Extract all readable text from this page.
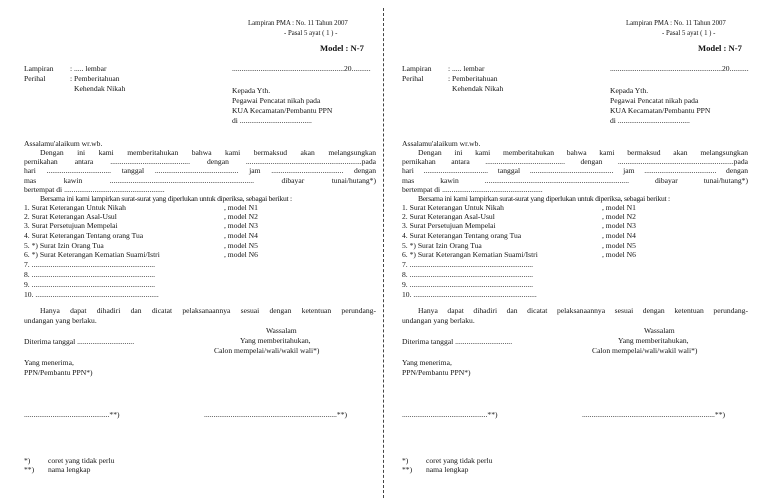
Lampiran PMA : No. 11 Tahun 2007
- Pasal 5 ayat ( 1 ) -
Model : N-7
Lampiran : ..... lembar	...........................................................20..........
Perihal	: Pemberitahuan
Kehendak Nikah	Kepada Yth.
Pegawai Pencatat nikah pada
KUA Kecamatan/Pembantu PPN
di ......................................
Assalamu'alaikum wr.wb.
Dengan ini kami memberitahukan bahwa kami bermaksud akan melangsungkan
pernikahan antara .......................................... dengan .............................................................pada
hari .................................. tanggal ............................................ jam ...................................... dengan
mas kawin ............................................................................ dibayar tunai/hutang*)
bertempat di .....................................................
Bersama ini kami lampirkan surat-surat yang diperlukan untuk diperiksa, sebagai berikut :
1. Surat Keterangan Untuk Nikah	, model N1
2. Surat Keterangan Asal-Usul	, model N2
3. Surat Persetujuan Mempelai	, model N3
4. Surat Keterangan Tentang orang Tua	, model N4
5. *) Surat Izin Orang Tua	, model N5
6. *) Surat Keterangan Kematian Suami/Istri	, model N6
7. .................................................................
8. .................................................................
9. .................................................................
10. .................................................................
Hanya dapat dihadiri dan dicatat pelaksanaannya sesuai dengan ketentuan perundang-
undangan yang berlaku.
Wassalam
Diterima tanggal ..............................	Yang memberitahukan,
Calon mempelai/wali/wakil wali*)
Yang menerima,
PPN/Pembantu PPN*)
.............................................**)	......................................................................**)
*) coret yang tidak perlu
**) nama lengkap
Lampiran PMA : No. 11 Tahun 2007
- Pasal 5 ayat ( 1 ) -
Model : N-7
Lampiran : ..... lembar	...........................................................20..........
Perihal	: Pemberitahuan
Kehendak Nikah	Kepada Yth.
Pegawai Pencatat nikah pada
KUA Kecamatan/Pembantu PPN
di ......................................
Assalamu'alaikum wr.wb.
Dengan ini kami memberitahukan bahwa kami bermaksud akan melangsungkan
pernikahan antara .......................................... dengan .............................................................pada
hari .................................. tanggal ............................................ jam ...................................... dengan
mas kawin ............................................................................ dibayar tunai/hutang*)
bertempat di .....................................................
Bersama ini kami lampirkan surat-surat yang diperlukan untuk diperiksa, sebagai berikut :
1. Surat Keterangan Untuk Nikah	, model N1
2. Surat Keterangan Asal-Usul	, model N2
3. Surat Persetujuan Mempelai	, model N3
4. Surat Keterangan Tentang orang Tua	, model N4
5. *) Surat Izin Orang Tua	, model N5
6. *) Surat Keterangan Kematian Suami/Istri	, model N6
7. .................................................................
8. .................................................................
9. .................................................................
10. .................................................................
Hanya dapat dihadiri dan dicatat pelaksanaannya sesuai dengan ketentuan perundang-
undangan yang berlaku.
Wassalam
Diterima tanggal ..............................	Yang memberitahukan,
Calon mempelai/wali/wakil wali*)
Yang menerima,
PPN/Pembantu PPN*)
.............................................**)	......................................................................**)
*) coret yang tidak perlu
**) nama lengkap
